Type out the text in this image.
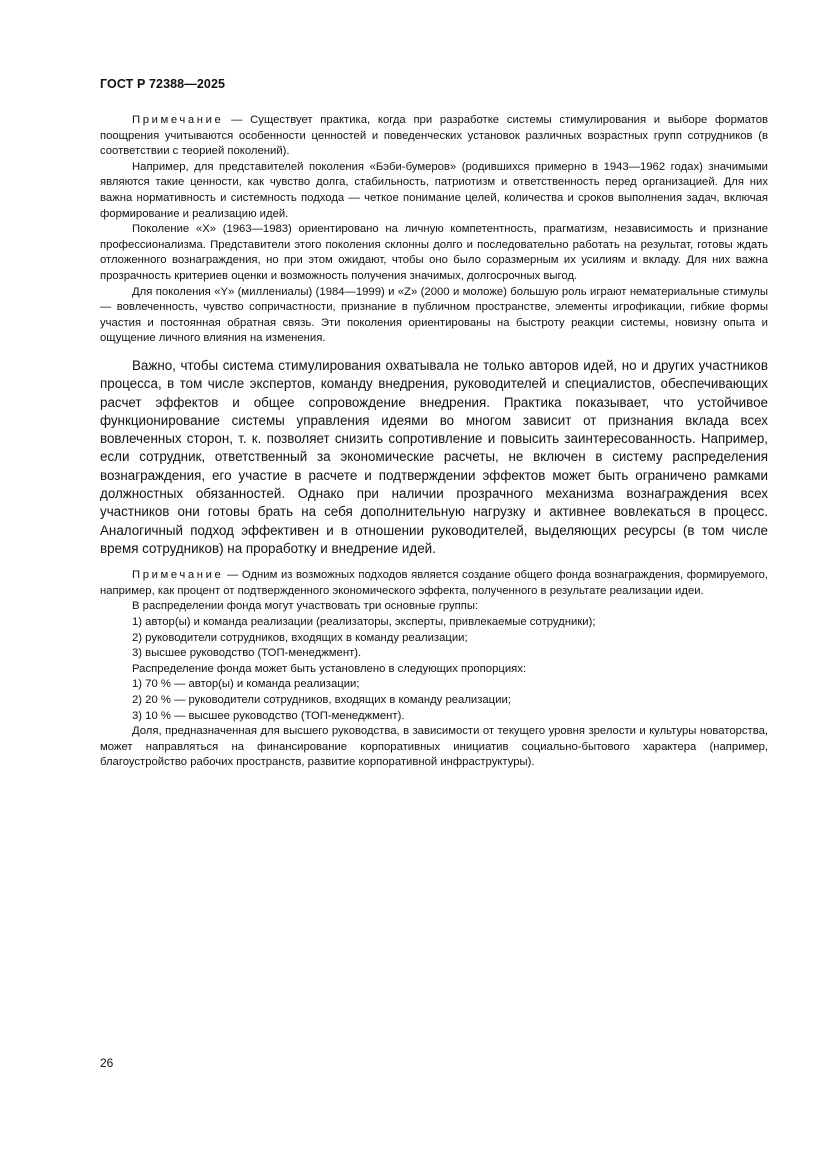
ГОСТ Р 72388—2025

Примечание — Существует практика, когда при разработке системы стимулирования и выборе форматов поощрения учитываются особенности ценностей и поведенческих установок различных возрастных групп сотрудников (в соответствии с теорией поколений).

Например, для представителей поколения «Бэби-бумеров» (родившихся примерно в 1943—1962 годах) значимыми являются такие ценности, как чувство долга, стабильность, патриотизм и ответственность перед организацией. Для них важна нормативность и системность подхода — четкое понимание целей, количества и сроков выполнения задач, включая формирование и реализацию идей.

Поколение «X» (1963—1983) ориентировано на личную компетентность, прагматизм, независимость и признание профессионализма. Представители этого поколения склонны долго и последовательно работать на результат, готовы ждать отложенного вознаграждения, но при этом ожидают, чтобы оно было соразмерным их усилиям и вкладу. Для них важна прозрачность критериев оценки и возможность получения значимых, долгосрочных выгод.

Для поколения «Y» (миллениалы) (1984—1999) и «Z» (2000 и моложе) большую роль играют нематериальные стимулы — вовлеченность, чувство сопричастности, признание в публичном пространстве, элементы игрофикации, гибкие формы участия и постоянная обратная связь. Эти поколения ориентированы на быстроту реакции системы, новизну опыта и ощущение личного влияния на изменения.

Важно, чтобы система стимулирования охватывала не только авторов идей, но и других участников процесса, в том числе экспертов, команду внедрения, руководителей и специалистов, обеспечивающих расчет эффектов и общее сопровождение внедрения. Практика показывает, что устойчивое функционирование системы управления идеями во многом зависит от признания вклада всех вовлеченных сторон, т. к. позволяет снизить сопротивление и повысить заинтересованность. Например, если сотрудник, ответственный за экономические расчеты, не включен в систему распределения вознаграждения, его участие в расчете и подтверждении эффектов может быть ограничено рамками должностных обязанностей. Однако при наличии прозрачного механизма вознаграждения всех участников они готовы брать на себя дополнительную нагрузку и активнее вовлекаться в процесс. Аналогичный подход эффективен и в отношении руководителей, выделяющих ресурсы (в том числе время сотрудников) на проработку и внедрение идей.

Примечание — Одним из возможных подходов является создание общего фонда вознаграждения, формируемого, например, как процент от подтвержденного экономического эффекта, полученного в результате реализации идеи.

В распределении фонда могут участвовать три основные группы:

1) автор(ы) и команда реализации (реализаторы, эксперты, привлекаемые сотрудники);

2) руководители сотрудников, входящих в команду реализации;

3) высшее руководство (ТОП-менеджмент).

Распределение фонда может быть установлено в следующих пропорциях:

1) 70 % — автор(ы) и команда реализации;

2) 20 % — руководители сотрудников, входящих в команду реализации;

3) 10 % — высшее руководство (ТОП-менеджмент).

Доля, предназначенная для высшего руководства, в зависимости от текущего уровня зрелости и культуры новаторства, может направляться на финансирование корпоративных инициатив социально-бытового характера (например, благоустройство рабочих пространств, развитие корпоративной инфраструктуры).

26
